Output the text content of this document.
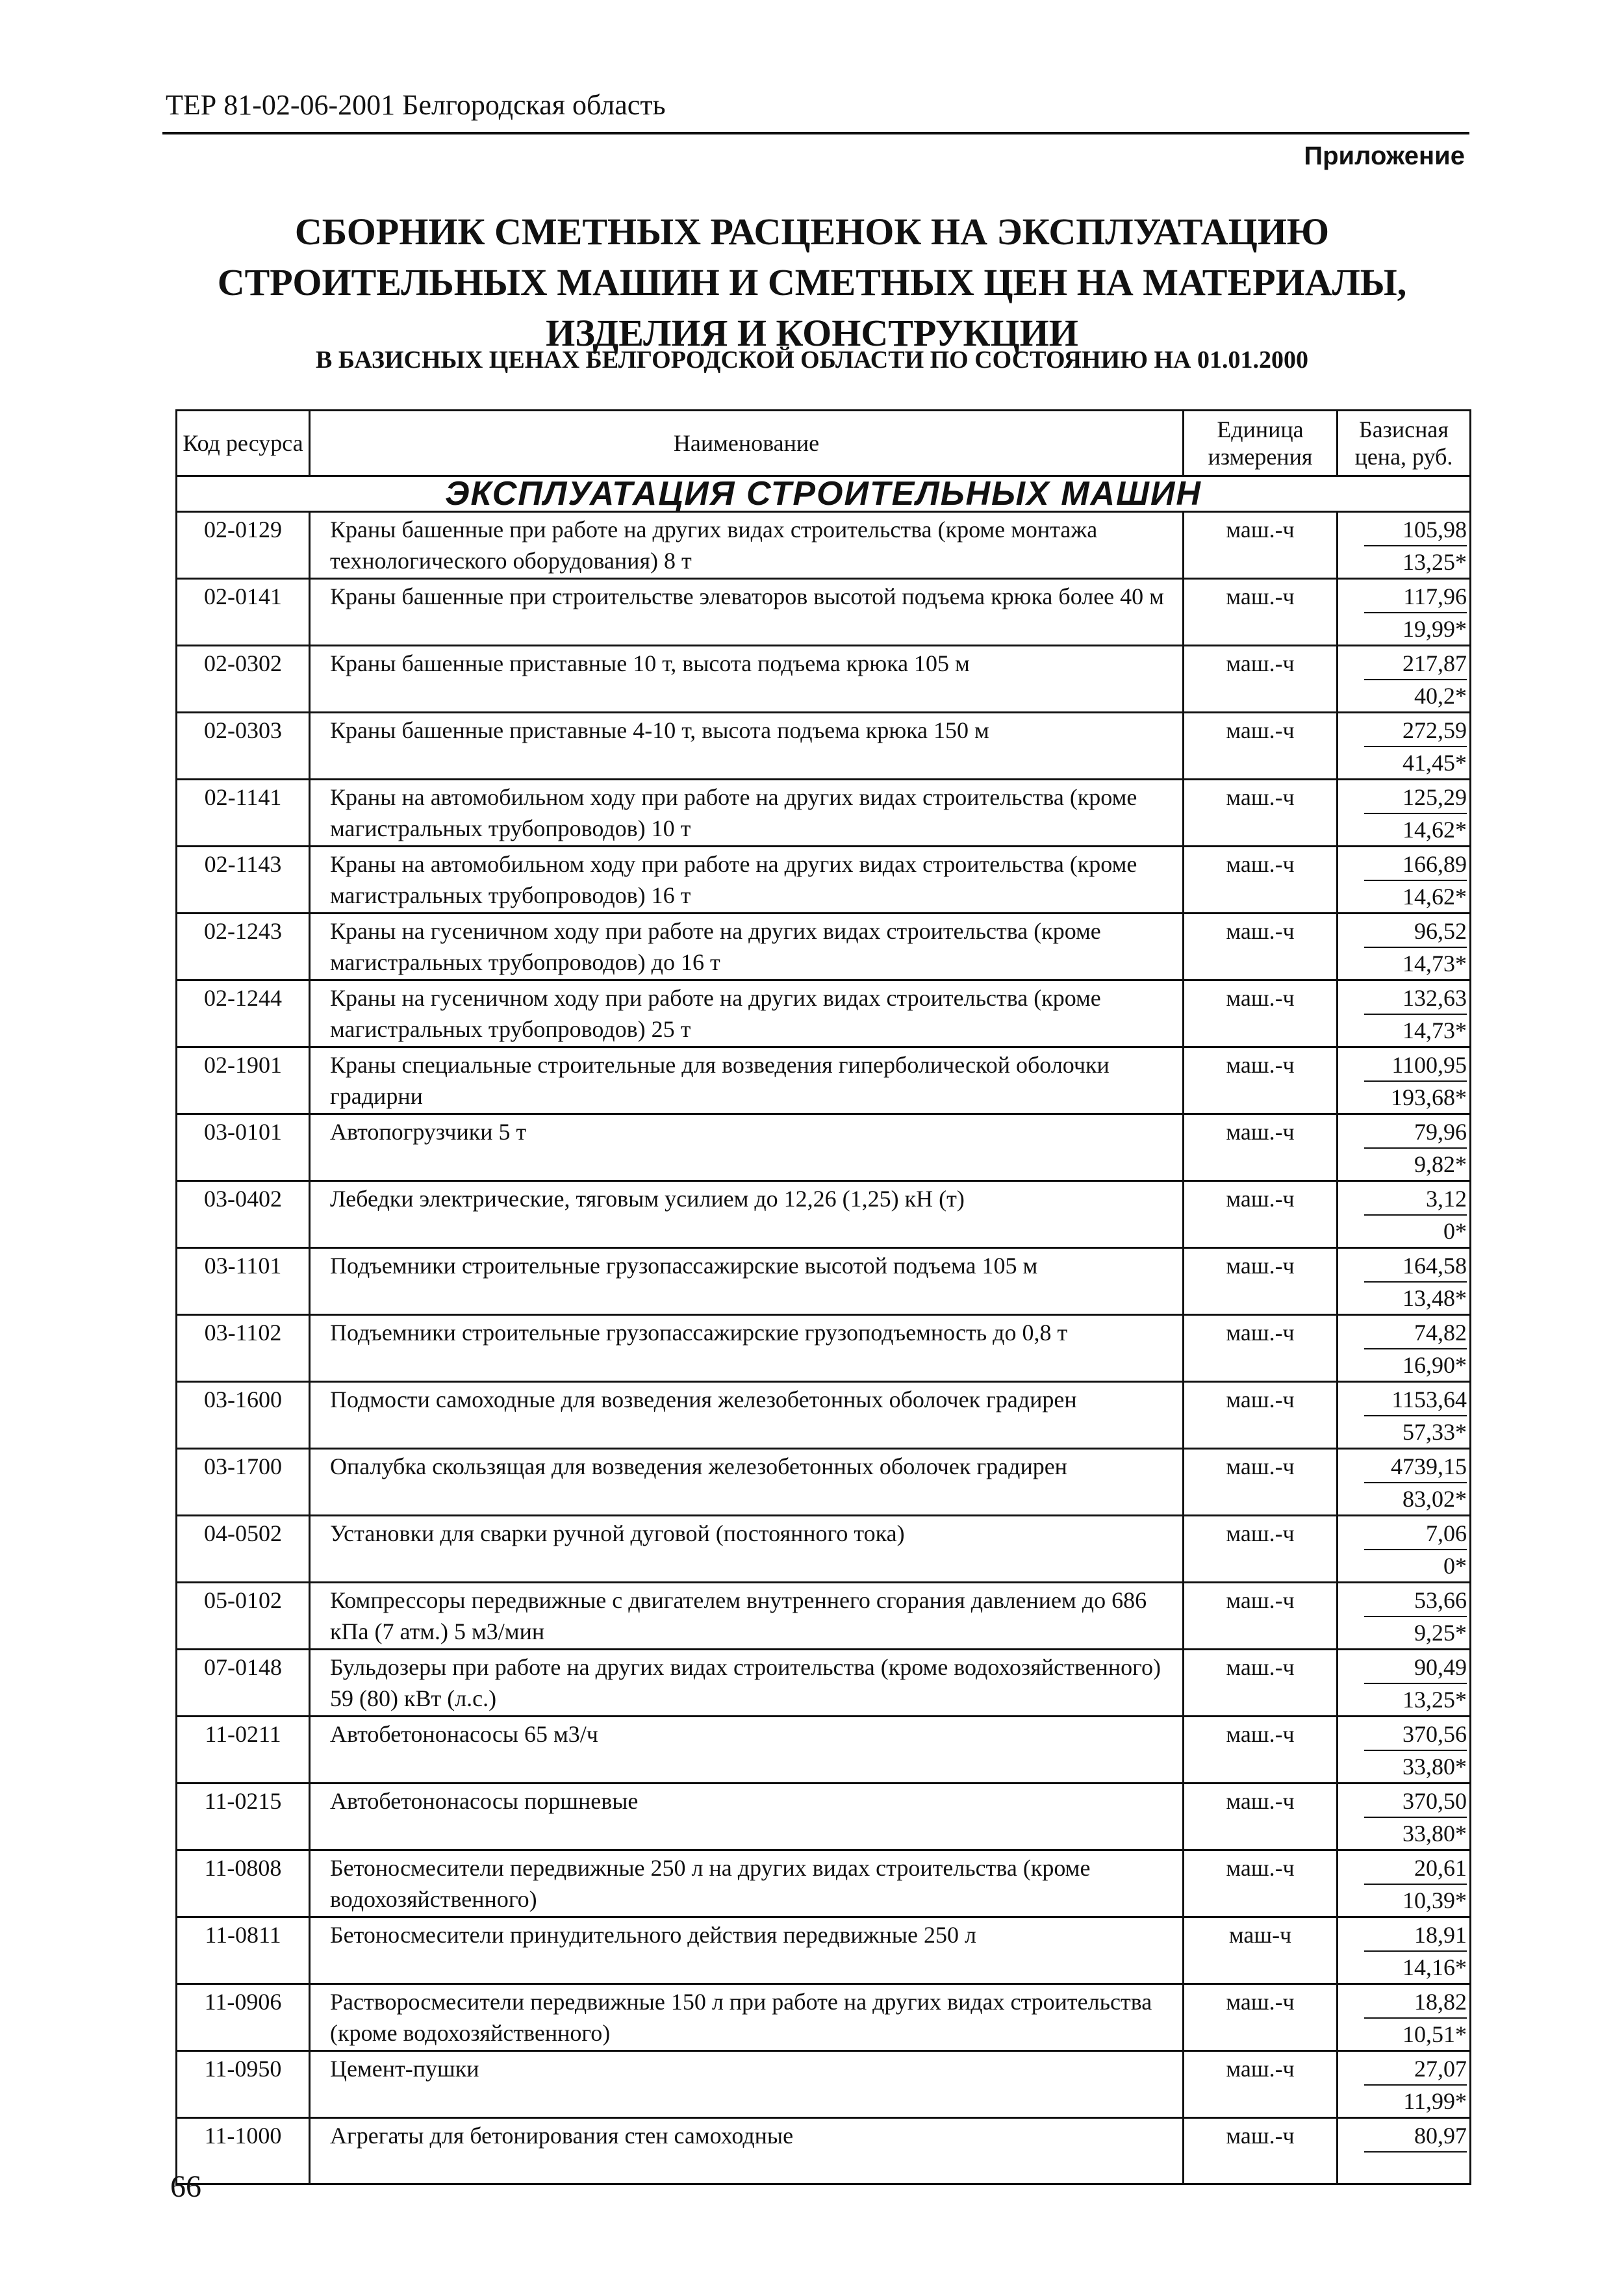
ТЕР 81-02-06-2001 Белгородская область
Приложение
СБОРНИК СМЕТНЫХ РАСЦЕНОК НА ЭКСПЛУАТАЦИЮ
СТРОИТЕЛЬНЫХ МАШИН И СМЕТНЫХ ЦЕН НА МАТЕРИАЛЫ,
ИЗДЕЛИЯ И КОНСТРУКЦИИ
В БАЗИСНЫХ ЦЕНАХ БЕЛГОРОДСКОЙ ОБЛАСТИ ПО СОСТОЯНИЮ НА 01.01.2000
Код ресурса	Наименование	Единица измерения	Базисная цена, руб.
ЭКСПЛУАТАЦИЯ СТРОИТЕЛЬНЫХ МАШИН			
02-0129	Краны башенные при работе на других видах строительства (кроме монтажа технологического оборудования) 8 т	маш.-ч	105,98
13,25*

02-0141	Краны башенные при строительстве элеваторов высотой подъема крюка более 40 м	маш.-ч	117,96
19,99*

02-0302	Краны башенные приставные 10 т, высота подъема крюка 105 м	маш.-ч	217,87
40,2*

02-0303	Краны башенные приставные 4-10 т, высота подъема крюка 150 м	маш.-ч	272,59
41,45*

02-1141	Краны на автомобильном ходу при работе на других видах строительства (кроме магистральных трубопроводов) 10 т	маш.-ч	125,29
14,62*

02-1143	Краны на автомобильном ходу при работе на других видах строительства (кроме магистральных трубопроводов) 16 т	маш.-ч	166,89
14,62*

02-1243	Краны на гусеничном ходу при работе на других видах строительства (кроме магистральных трубопроводов) до 16 т	маш.-ч	96,52
14,73*

02-1244	Краны на гусеничном ходу при работе на других видах строительства (кроме магистральных трубопроводов) 25 т	маш.-ч	132,63
14,73*

02-1901	Краны специальные строительные для возведения гиперболической оболочки градирни	маш.-ч	1100,95
193,68*

03-0101	Автопогрузчики 5 т	маш.-ч	79,96
9,82*

03-0402	Лебедки электрические, тяговым усилием до 12,26 (1,25) кН (т)	маш.-ч	3,12
0*

03-1101	Подъемники строительные грузопассажирские высотой подъема 105 м	маш.-ч	164,58
13,48*

03-1102	Подъемники строительные грузопассажирские грузоподъемность до 0,8 т	маш.-ч	74,82
16,90*

03-1600	Подмости самоходные для возведения железобетонных оболочек градирен	маш.-ч	1153,64
57,33*

03-1700	Опалубка скользящая для возведения железобетонных оболочек градирен	маш.-ч	4739,15
83,02*

04-0502	Установки для сварки ручной дуговой (постоянного тока)	маш.-ч	7,06
0*

05-0102	Компрессоры передвижные с двигателем внутреннего сгорания давлением до 686 кПа (7 атм.) 5 м3/мин	маш.-ч	53,66
9,25*

07-0148	Бульдозеры при работе на других видах строительства (кроме водохозяйственного) 59 (80) кВт (л.с.)	маш.-ч	90,49
13,25*

11-0211	Автобетононасосы 65 м3/ч	маш.-ч	370,56
33,80*

11-0215	Автобетононасосы поршневые	маш.-ч	370,50
33,80*

11-0808	Бетоносмесители передвижные 250 л на других видах строительства (кроме водохозяйственного)	маш.-ч	20,61
10,39*

11-0811	Бетоносмесители принудительного действия передвижные 250 л	маш-ч	18,91
14,16*

11-0906	Растворосмесители передвижные 150 л при работе на других видах строительства (кроме водохозяйственного)	маш.-ч	18,82
10,51*

11-0950	Цемент-пушки	маш.-ч	27,07
11,99*

11-1000	Агрегаты для бетонирования стен самоходные	маш.-ч	80,97
66
